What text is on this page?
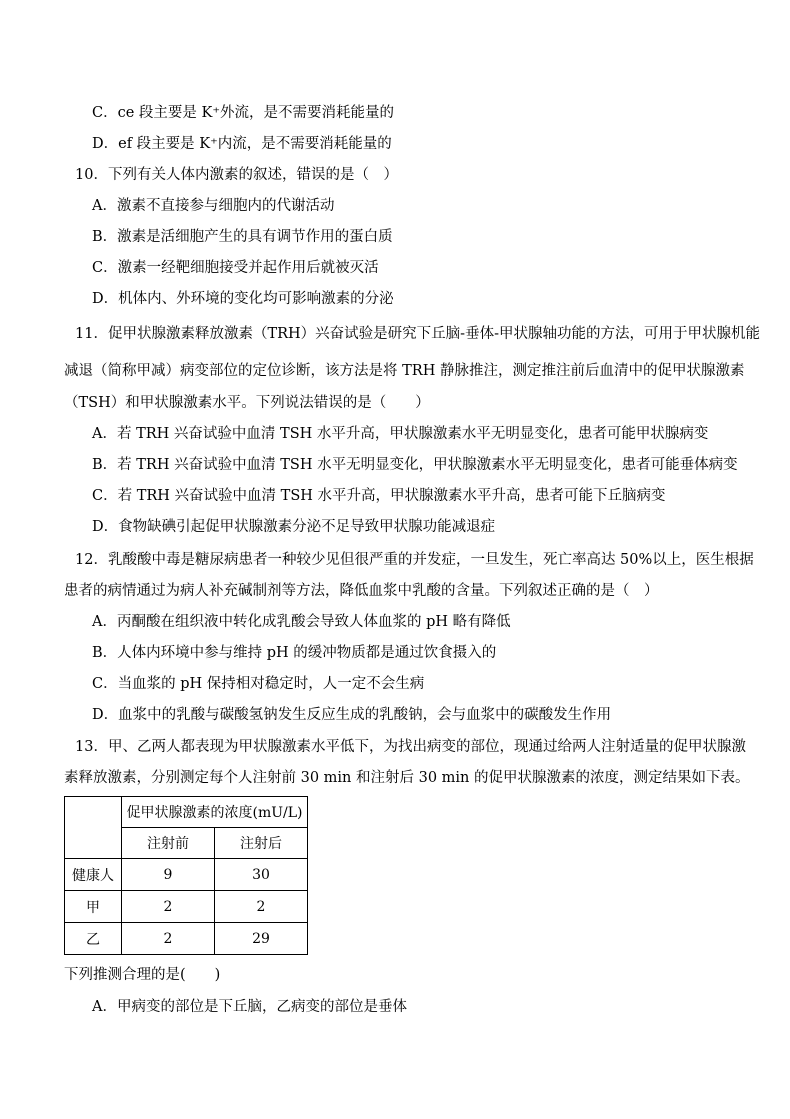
C．ce 段主要是 K⁺外流，是不需要消耗能量的
D．ef 段主要是 K⁺内流，是不需要消耗能量的
10．下列有关人体内激素的叙述，错误的是（　）
A．激素不直接参与细胞内的代谢活动
B．激素是活细胞产生的具有调节作用的蛋白质
C．激素一经靶细胞接受并起作用后就被灭活
D．机体内、外环境的变化均可影响激素的分泌
11．促甲状腺激素释放激素（TRH）兴奋试验是研究下丘脑-垂体-甲状腺轴功能的方法，可用于甲状腺机能
减退（简称甲减）病变部位的定位诊断，该方法是将 TRH 静脉推注，测定推注前后血清中的促甲状腺激素
（TSH）和甲状腺激素水平。下列说法错误的是（　　）
A．若 TRH 兴奋试验中血清 TSH 水平升高，甲状腺激素水平无明显变化，患者可能甲状腺病变
B．若 TRH 兴奋试验中血清 TSH 水平无明显变化，甲状腺激素水平无明显变化，患者可能垂体病变
C．若 TRH 兴奋试验中血清 TSH 水平升高，甲状腺激素水平升高，患者可能下丘脑病变
D．食物缺碘引起促甲状腺激素分泌不足导致甲状腺功能减退症
12．乳酸酸中毒是糖尿病患者一种较少见但很严重的并发症，一旦发生，死亡率高达 50%以上，医生根据
患者的病情通过为病人补充碱制剂等方法，降低血浆中乳酸的含量。下列叙述正确的是（　）
A．丙酮酸在组织液中转化成乳酸会导致人体血浆的 pH 略有降低
B．人体内环境中参与维持 pH 的缓冲物质都是通过饮食摄入的
C．当血浆的 pH 保持相对稳定时，人一定不会生病
D．血浆中的乳酸与碳酸氢钠发生反应生成的乳酸钠，会与血浆中的碳酸发生作用
13．甲、乙两人都表现为甲状腺激素水平低下，为找出病变的部位，现通过给两人注射适量的促甲状腺激
素释放激素，分别测定每个人注射前 30 min 和注射后 30 min 的促甲状腺激素的浓度，测定结果如下表。
	促甲状腺激素的浓度(mU/L)	
	注射前	注射后
健康人	9	30
甲	2	2
乙	2	29
下列推测合理的是(　　)
A．甲病变的部位是下丘脑，乙病变的部位是垂体
